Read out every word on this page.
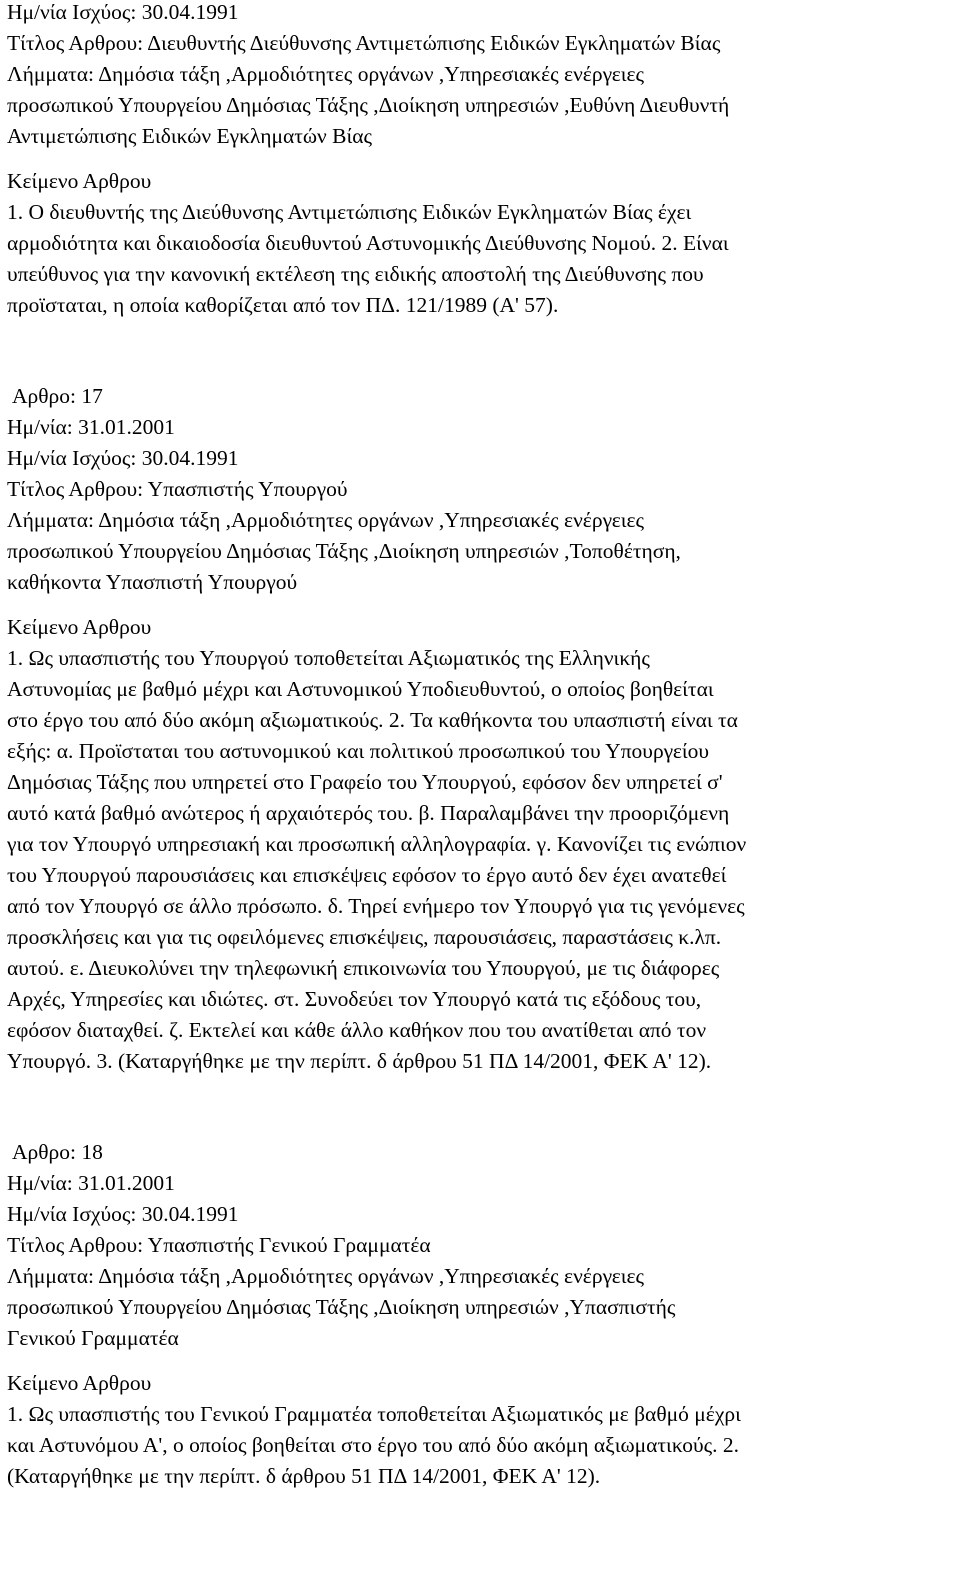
Ημ/νία Ισχύος: 30.04.1991
Τίτλος Αρθρου: Διευθυντής Διεύθυνσης Αντιμετώπισης Ειδικών Εγκληματών Βίας
Λήμματα: Δημόσια τάξη ,Αρμοδιότητες οργάνων ,Υπηρεσιακές ενέργειες
προσωπικού Υπουργείου Δημόσιας Τάξης ,Διοίκηση υπηρεσιών ,Ευθύνη Διευθυντή
Αντιμετώπισης Ειδικών Εγκληματών Βίας
Κείμενο Αρθρου
1. Ο διευθυντής της Διεύθυνσης Αντιμετώπισης Ειδικών Εγκληματών Βίας έχει
αρμοδιότητα και δικαιοδοσία διευθυντού Αστυνομικής Διεύθυνσης Νομού. 2. Είναι
υπεύθυνος για την κανονική εκτέλεση της ειδικής αποστολή της Διεύθυνσης που
προϊσταται, η οποία καθορίζεται από τον ΠΔ. 121/1989 (Α' 57).
Αρθρο: 17
Ημ/νία: 31.01.2001
Ημ/νία Ισχύος: 30.04.1991
Τίτλος Αρθρου: Υπασπιστής Υπουργού
Λήμματα: Δημόσια τάξη ,Αρμοδιότητες οργάνων ,Υπηρεσιακές ενέργειες
προσωπικού Υπουργείου Δημόσιας Τάξης ,Διοίκηση υπηρεσιών ,Τοποθέτηση,
καθήκοντα Υπασπιστή Υπουργού
Κείμενο Αρθρου
1. Ως υπασπιστής του Υπουργού τοποθετείται Αξιωματικός της Ελληνικής
Αστυνομίας με βαθμό μέχρι και Αστυνομικού Υποδιευθυντού, ο οποίος βοηθείται
στο έργο του από δύο ακόμη αξιωματικούς. 2. Τα καθήκοντα του υπασπιστή είναι τα
εξής: α. Προϊσταται του αστυνομικού και πολιτικού προσωπικού του Υπουργείου
Δημόσιας Τάξης που υπηρετεί στο Γραφείο του Υπουργού, εφόσον δεν υπηρετεί σ'
αυτό κατά βαθμό ανώτερος ή αρχαιότερός του. β. Παραλαμβάνει την προοριζόμενη
για τον Υπουργό υπηρεσιακή και προσωπική αλληλογραφία. γ. Κανονίζει τις ενώπιον
του Υπουργού παρουσιάσεις και επισκέψεις εφόσον το έργο αυτό δεν έχει ανατεθεί
από τον Υπουργό σε άλλο πρόσωπο. δ. Τηρεί ενήμερο τον Υπουργό για τις γενόμενες
προσκλήσεις και για τις οφειλόμενες επισκέψεις, παρουσιάσεις, παραστάσεις κ.λπ.
αυτού. ε. Διευκολύνει την τηλεφωνική επικοινωνία του Υπουργού, με τις διάφορες
Αρχές, Υπηρεσίες και ιδιώτες. στ. Συνοδεύει τον Υπουργό κατά τις εξόδους του,
εφόσον διαταχθεί. ζ. Εκτελεί και κάθε άλλο καθήκον που του ανατίθεται από τον
Υπουργό. 3. (Καταργήθηκε με την περίπτ. δ άρθρου 51 ΠΔ 14/2001, ΦΕΚ Α' 12).
Αρθρο: 18
Ημ/νία: 31.01.2001
Ημ/νία Ισχύος: 30.04.1991
Τίτλος Αρθρου: Υπασπιστής Γενικού Γραμματέα
Λήμματα: Δημόσια τάξη ,Αρμοδιότητες οργάνων ,Υπηρεσιακές ενέργειες
προσωπικού Υπουργείου Δημόσιας Τάξης ,Διοίκηση υπηρεσιών ,Υπασπιστής
Γενικού Γραμματέα
Κείμενο Αρθρου
1. Ως υπασπιστής του Γενικού Γραμματέα τοποθετείται Αξιωματικός με βαθμό μέχρι
και Αστυνόμου Α', ο οποίος βοηθείται στο έργο του από δύο ακόμη αξιωματικούς. 2.
(Καταργήθηκε με την περίπτ. δ άρθρου 51 ΠΔ 14/2001, ΦΕΚ Α' 12).
